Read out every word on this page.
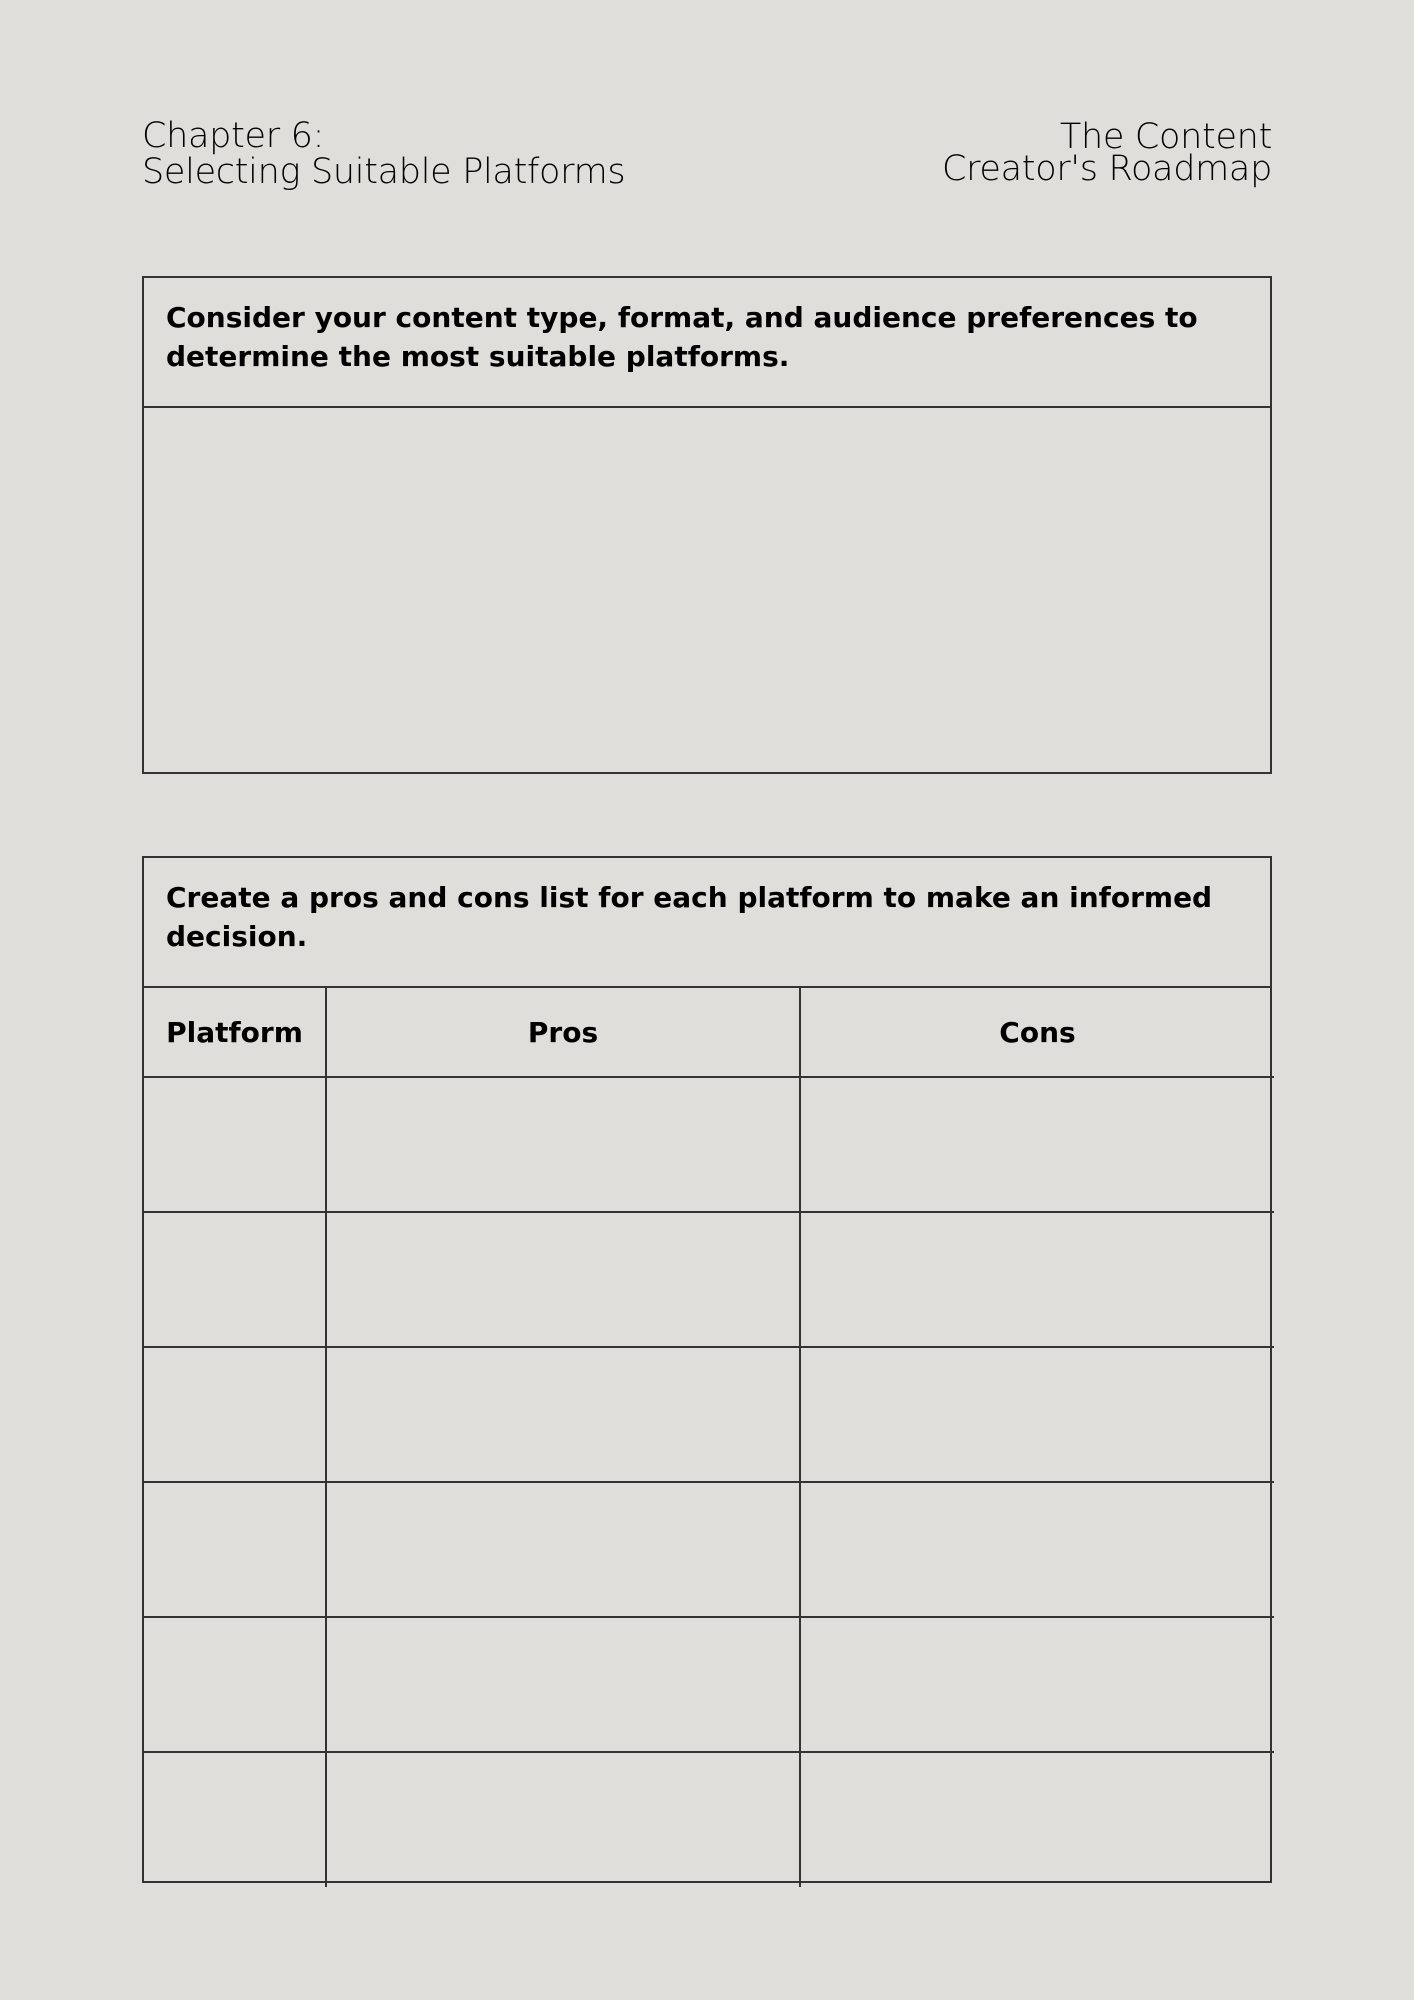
Chapter 6:
Selecting Suitable Platforms
The Content
Creator's Roadmap
Consider your content type, format, and audience preferences to determine the most suitable platforms.
Create a pros and cons list for each platform to make an informed decision.
Platform	Pros	Cons
